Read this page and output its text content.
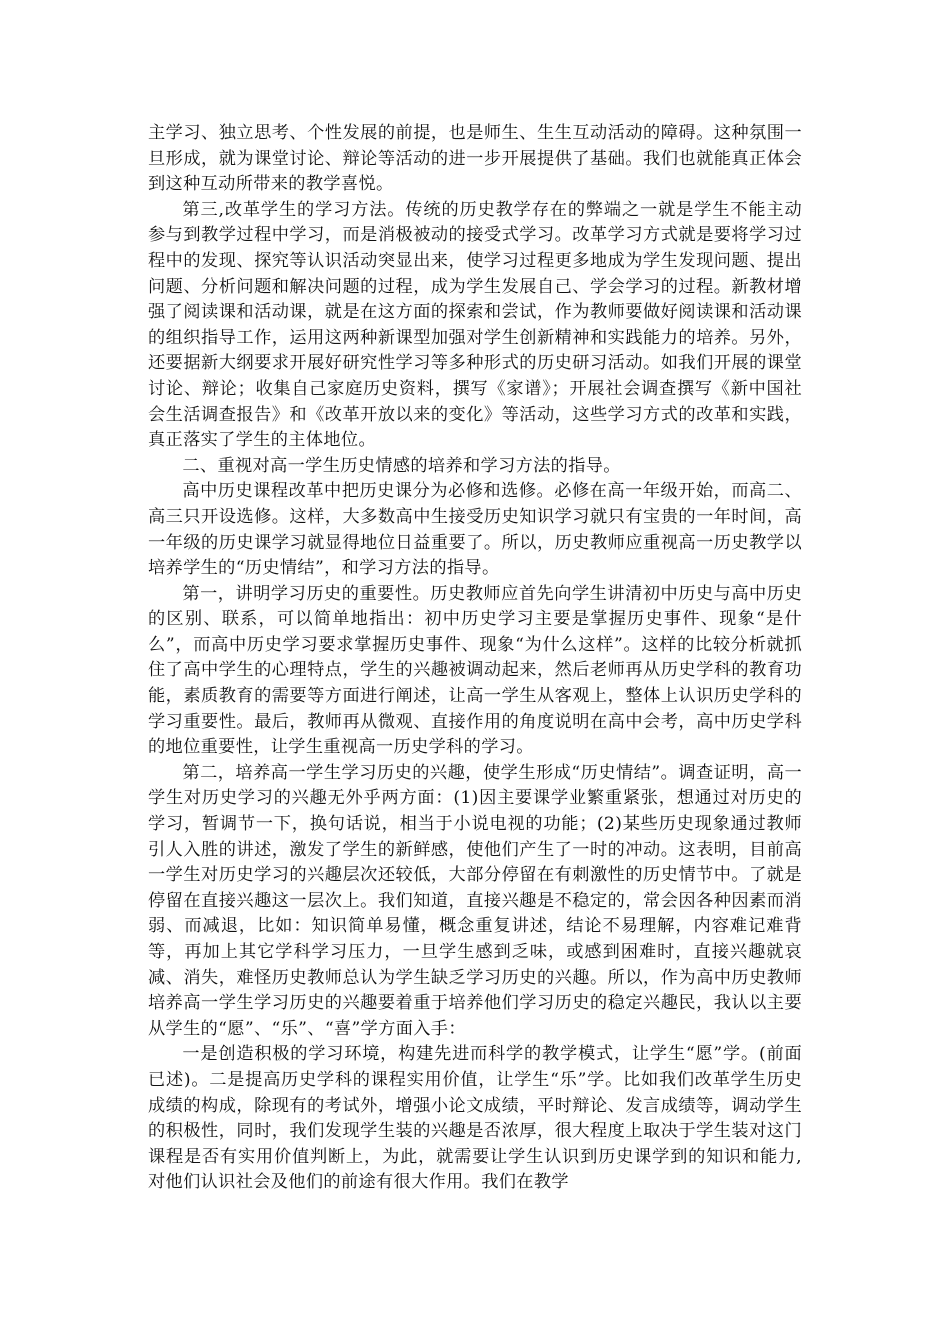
主学习、独立思考、个性发展的前提，也是师生、生生互动活动的障碍。这种氛围一旦形成，就为课堂讨论、辩论等活动的进一步开展提供了基础。我们也就能真正体会到这种互动所带来的教学喜悦。

第三,改革学生的学习方法。传统的历史教学存在的弊端之一就是学生不能主动参与到教学过程中学习，而是消极被动的接受式学习。改革学习方式就是要将学习过程中的发现、探究等认识活动突显出来，使学习过程更多地成为学生发现问题、提出问题、分析问题和解决问题的过程，成为学生发展自己、学会学习的过程。新教材增强了阅读课和活动课，就是在这方面的探索和尝试，作为教师要做好阅读课和活动课的组织指导工作，运用这两种新课型加强对学生创新精神和实践能力的培养。另外，还要据新大纲要求开展好研究性学习等多种形式的历史研习活动。如我们开展的课堂讨论、辩论；收集自己家庭历史资料，撰写《家谱》；开展社会调查撰写《新中国社会生活调查报告》和《改革开放以来的变化》等活动，这些学习方式的改革和实践，真正落实了学生的主体地位。

二、重视对高一学生历史情感的培养和学习方法的指导。

高中历史课程改革中把历史课分为必修和选修。必修在高一年级开始，而高二、高三只开设选修。这样，大多数高中生接受历史知识学习就只有宝贵的一年时间，高一年级的历史课学习就显得地位日益重要了。所以，历史教师应重视高一历史教学以培养学生的“历史情结”，和学习方法的指导。

第一，讲明学习历史的重要性。历史教师应首先向学生讲清初中历史与高中历史的区别、联系，可以简单地指出：初中历史学习主要是掌握历史事件、现象“是什么”，而高中历史学习要求掌握历史事件、现象“为什么这样”。这样的比较分析就抓住了高中学生的心理特点，学生的兴趣被调动起来，然后老师再从历史学科的教育功能，素质教育的需要等方面进行阐述，让高一学生从客观上，整体上认识历史学科的学习重要性。最后，教师再从微观、直接作用的角度说明在高中会考，高中历史学科的地位重要性，让学生重视高一历史学科的学习。

第二，培养高一学生学习历史的兴趣，使学生形成“历史情结”。调查证明，高一学生对历史学习的兴趣无外乎两方面：(1)因主要课学业繁重紧张，想通过对历史的学习，暂调节一下，换句话说，相当于小说电视的功能；(2)某些历史现象通过教师引人入胜的讲述，激发了学生的新鲜感，使他们产生了一时的冲动。这表明，目前高一学生对历史学习的兴趣层次还较低，大部分停留在有刺激性的历史情节中。了就是停留在直接兴趣这一层次上。我们知道，直接兴趣是不稳定的，常会因各种因素而消弱、而减退，比如：知识简单易懂，概念重复讲述，结论不易理解，内容难记难背等，再加上其它学科学习压力，一旦学生感到乏味，或感到困难时，直接兴趣就哀减、消失，难怪历史教师总认为学生缺乏学习历史的兴趣。所以，作为高中历史教师培养高一学生学习历史的兴趣要着重于培养他们学习历史的稳定兴趣民，我认以主要从学生的“愿”、“乐”、“喜”学方面入手：

一是创造积极的学习环境，构建先进而科学的教学模式，让学生“愿”学。(前面已述)。二是提高历史学科的课程实用价值，让学生“乐”学。比如我们改革学生历史成绩的构成，除现有的考试外，增强小论文成绩，平时辩论、发言成绩等，调动学生的积极性，同时，我们发现学生装的兴趣是否浓厚，很大程度上取决于学生装对这门课程是否有实用价值判断上，为此，就需要让学生认识到历史课学到的知识和能力,对他们认识社会及他们的前途有很大作用。我们在教学
